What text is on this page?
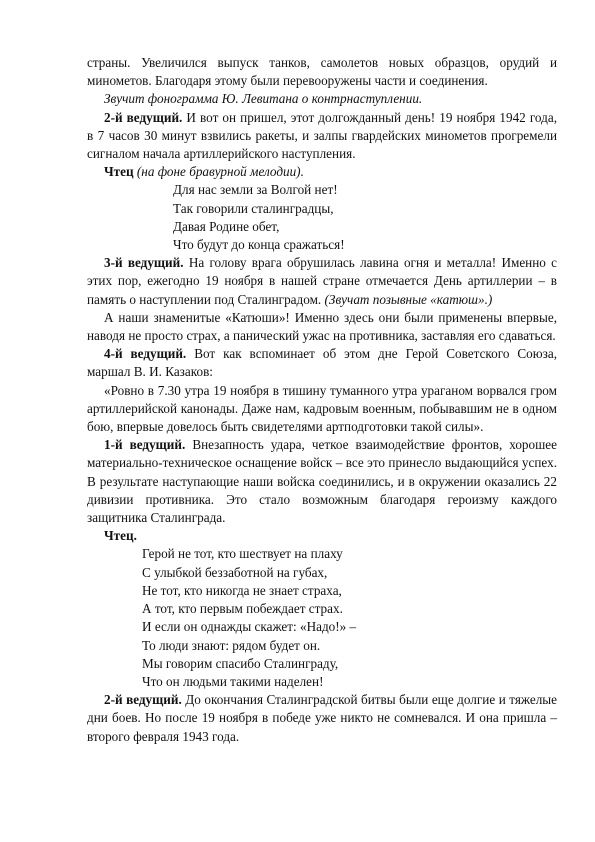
страны. Увеличился выпуск танков, самолетов новых образцов, орудий и минометов. Благодаря этому были перевооружены части и соединения.

Звучит фонограмма Ю. Левитана о контрнаступлении.

2-й ведущий. И вот он пришел, этот долгожданный день! 19 ноября 1942 года, в 7 часов 30 минут взвились ракеты, и залпы гвардейских минометов прогремели сигналом начала артиллерийского наступления.

Чтец (на фоне бравурной мелодии).

Для нас земли за Волгой нет!
Так говорили сталинградцы,
Давая Родине обет,
Что будут до конца сражаться!

3-й ведущий. На голову врага обрушилась лавина огня и металла! Именно с этих пор, ежегодно 19 ноября в нашей стране отмечается День артиллерии – в память о наступлении под Сталинградом. (Звучат позывные «катюш».)

А наши знаменитые «Катюши»! Именно здесь они были применены впервые, наводя не просто страх, а панический ужас на противника, заставляя его сдаваться.

4-й ведущий. Вот как вспоминает об этом дне Герой Советского Союза, маршал В. И. Казаков:

«Ровно в 7.30 утра 19 ноября в тишину туманного утра ураганом ворвался гром артиллерийской канонады. Даже нам, кадровым военным, побывавшим не в одном бою, впервые довелось быть свидетелями артподготовки такой силы».

1-й ведущий. Внезапность удара, четкое взаимодействие фронтов, хорошее материально-техническое оснащение войск – все это принесло выдающийся успех. В результате наступающие наши войска соединились, и в окружении оказались 22 дивизии противника. Это стало возможным благодаря героизму каждого защитника Сталинграда.

Чтец.

Герой не тот, кто шествует на плаху
С улыбкой беззаботной на губах,
Не тот, кто никогда не знает страха,
А тот, кто первым побеждает страх.
И если он однажды скажет: «Надо!» –
То люди знают: рядом будет он.
Мы говорим спасибо Сталинграду,
Что он людьми такими наделен!

2-й ведущий. До окончания Сталинградской битвы были еще долгие и тяжелые дни боев. Но после 19 ноября в победе уже никто не сомневался. И она пришла – второго февраля 1943 года.
